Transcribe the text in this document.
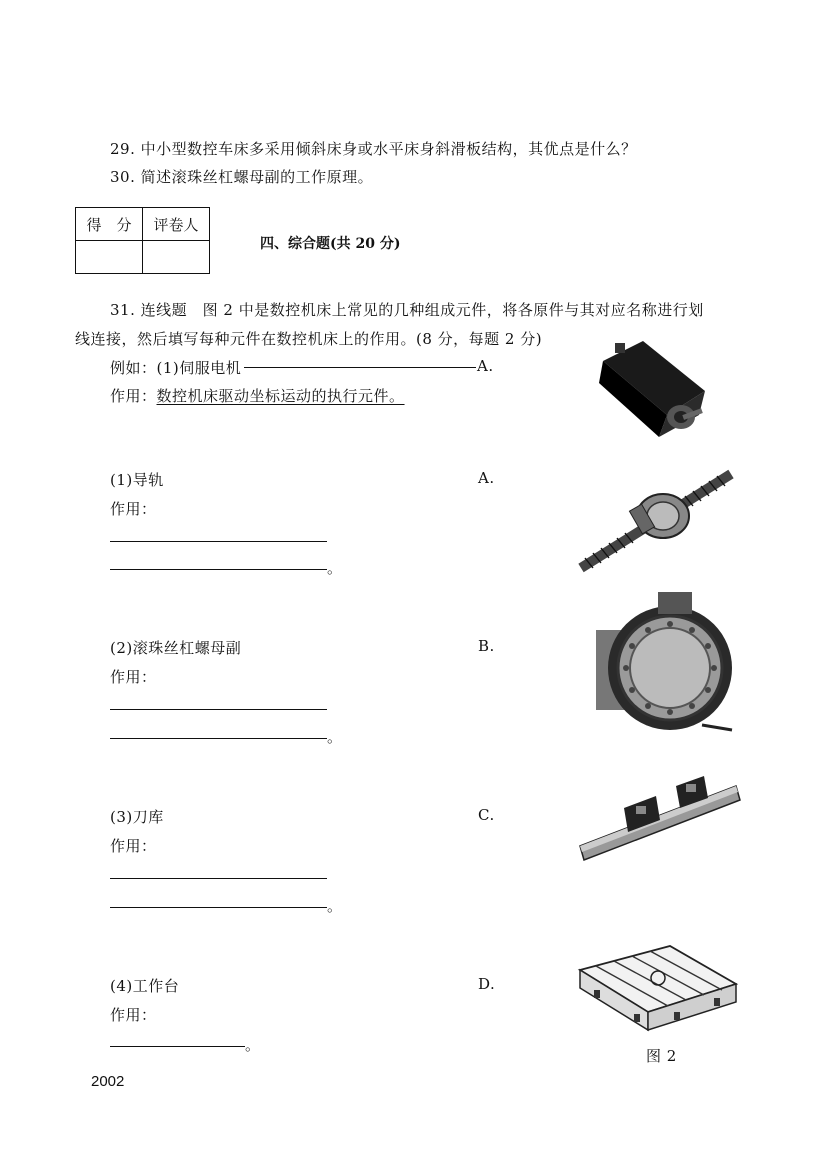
29. 中小型数控车床多采用倾斜床身或水平床身斜滑板结构，其优点是什么？
30. 简述滚珠丝杠螺母副的工作原理。
得　分	评卷人

四、综合题(共 20 分)
31. 连线题　图 2 中是数控机床上常见的几种组成元件，将各原件与其对应名称进行划
线连接，然后填写每种元件在数控机床上的作用。(8 分，每题 2 分)
例如：(1)伺服电机	A.
作用：数控机床驱动坐标运动的执行元件。
(1)导轨	A.
作用：
。
(2)滚珠丝杠螺母副	B.
作用：
。
(3)刀库	C.
作用：
。
(4)工作台	D.
作用：
。
图 2
2002
